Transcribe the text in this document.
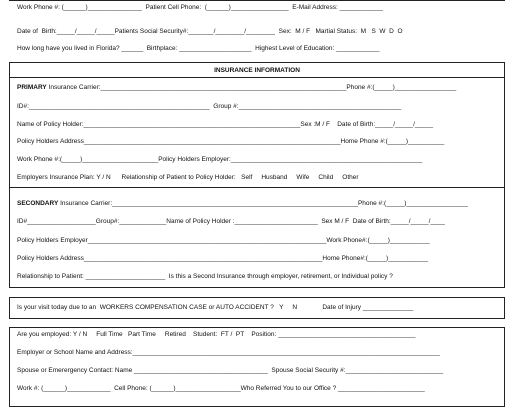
Work Phone #: (______)_______________  Patient Cell Phone:  (______)________________  E-Mail Address: ____________
Date of  Birth:_____/_____/_____Patients Social Security#:_______/________/________  Sex:  M / F   Martial Status:  M   S  W  D  O
How long have you lived in Florida? ______  Birthplace: ____________________  Highest Level of Education: ____________
INSURANCE INFORMATION
PRIMARY Insurance Carrier:____________________________________________________________________Phone #:(_____)_________________
ID#:__________________________________________________  Group #:_____________________________________________
Name of Policy Holder:____________________________________________________________Sex :M / F    Date of Birth:_____/_____/_____
Policy Holders Address_______________________________________________________________________Home Phone #:(_____)__________
Work Phone #:(_____)_____________________Policy Holders Employer:_____________________________________________________
Employers Insurance Plan: Y / N      Relationship of Patient to Policy Holder:   Self     Husband     Wife     Child     Other
SECONDARY Insurance Carrier:____________________________________________________________________Phone #:(_____)_________________
ID#___________________Group#:_____________Name of Policy Holder :_______________________  Sex M / F  Date of Birth:_____/_____/____
Policy Holders Employer__________________________________________________________________Work Phone#:(_____)___________
Policy Holders Address__________________________________________________________________Home Phone#:(_____)___________
Relationship to Patient: ______________________  Is this a Second Insurance through employer, retirement, or Individual policy ?
Is your visit today due to an  WORKERS COMPENSATION CASE or AUTO ACCIDENT ?   Y     N              Date of Injury ______________
Are you employed: Y / N     Full Time   Part Time     Retired    Student:  FT /  PT    Position: ______________________________________
Employer or School Name and Address:_____________________________________________________________________________________
Spouse or Emerergency Contact: Name _____________________________________  Spouse Social Security #:___________________________
Work #: (______)____________  Cell Phone: (______)__________________Who Referred You to our Office ? ________________________
